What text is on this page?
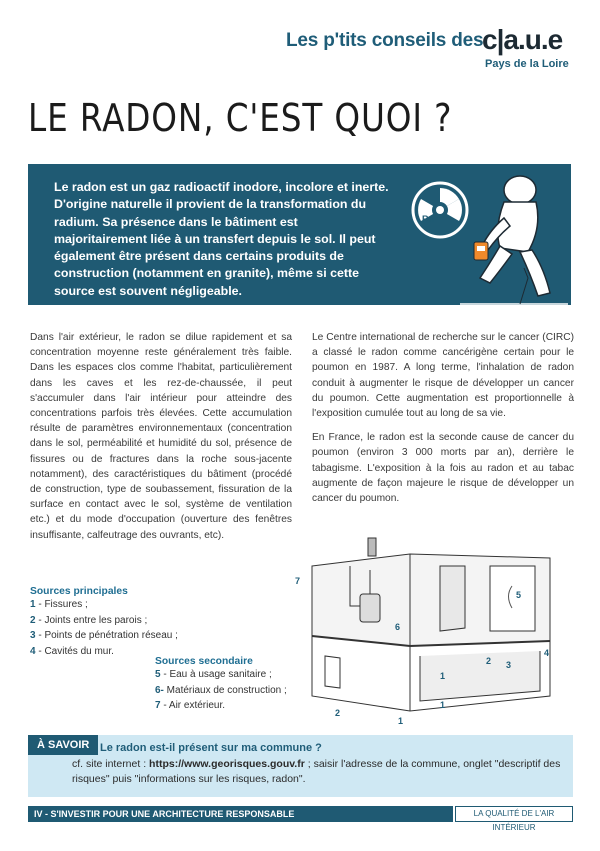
Les p'tits conseils des
c|a.u.e
Pays de la Loire
LE RADON, C'EST QUOI ?
Le radon est un gaz radioactif inodore, incolore et inerte. D'origine naturelle il provient de la transformation du radium. Sa présence dans le bâtiment est majoritairement liée à un transfert depuis le sol. Il peut également être présent dans certains produits de construction (notamment en granite), même si cette source est souvent négligeable.
Rn
Dans l'air extérieur, le radon se dilue rapidement et sa concentration moyenne reste généralement très faible. Dans les espaces clos comme l'habitat, particulièrement dans les caves et les rez-de-chaussée, il peut s'accumuler dans l'air intérieur pour atteindre des concentrations parfois très élevées. Cette accumulation résulte de paramètres environnementaux (concentration dans le sol, perméabilité et humidité du sol, présence de fissures ou de fractures dans la roche sous-jacente notamment), des caractéristiques du bâtiment (procédé de construction, type de soubassement, fissuration de la surface en contact avec le sol, système de ventilation etc.) et du mode d'occupation (ouverture des fenêtres insuffisante, calfeutrage des ouvrants, etc).

Le Centre international de recherche sur le cancer (CIRC) a classé le radon comme cancérigène certain pour le poumon en 1987. A long terme, l'inhalation de radon conduit à augmenter le risque de développer un cancer du poumon. Cette augmentation est proportionnelle à l'exposition cumulée tout au long de sa vie.

En France, le radon est la seconde cause de cancer du poumon (environ 3 000 morts par an), derrière le tabagisme. L'exposition à la fois au radon et au tabac augmente de façon majeure le risque de développer un cancer du poumon.

Sources principales
1 - Fissures ;
2 - Joints entre les parois ;
3 - Points de pénétration réseau ;
4 - Cavités du mur.
Sources secondaire
5 - Eau à usage sanitaire ;
6- Matériaux de construction ;
7 - Air extérieur.
7
6
5
1
2 3
4
1
2
1
À SAVOIR Le radon est-il présent sur ma commune ?
cf. site internet : https://www.georisques.gouv.fr ; saisir l'adresse de la commune, onglet "descriptif des risques" puis "informations sur les risques, radon".
IV - S'INVESTIR POUR UNE ARCHITECTURE RESPONSABLE	LA QUALITÉ DE L'AIR INTÉRIEUR
